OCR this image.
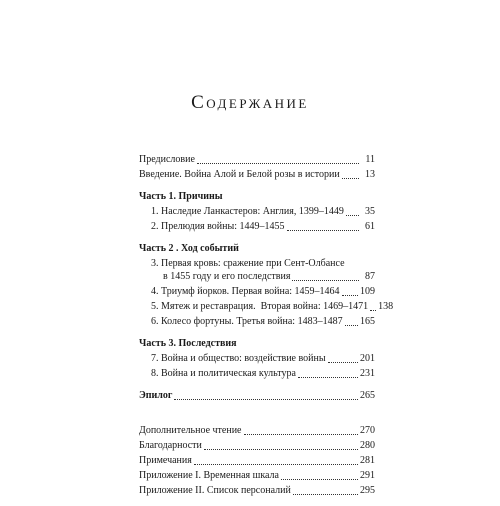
Содержание
Предисловие	11
Введение. Война Алой и Белой розы в истории	13
Часть 1. Причины
1. Наследие Ланкастеров: Англия, 1399–1449	35
2. Прелюдия войны: 1449–1455	61
Часть 2 . Ход событий
3. Первая кровь: сражение при Сент-Олбансе
в 1455 году и его последствия	87
4. Триумф йорков. Первая война: 1459–1464 109
5. Мятеж и реставрация.  Вторая война: 1469–1471 138
6. Колесо фортуны. Третья война: 1483–1487 165
Часть 3. Последствия
7. Война и общество: воздействие войны	201
8. Война и политическая культура	231
Эпилог	265
Дополнительное чтение	270
Благодарности	280
Примечания	281
Приложение I. Временная шкала	291
Приложение II. Список персоналий	295
